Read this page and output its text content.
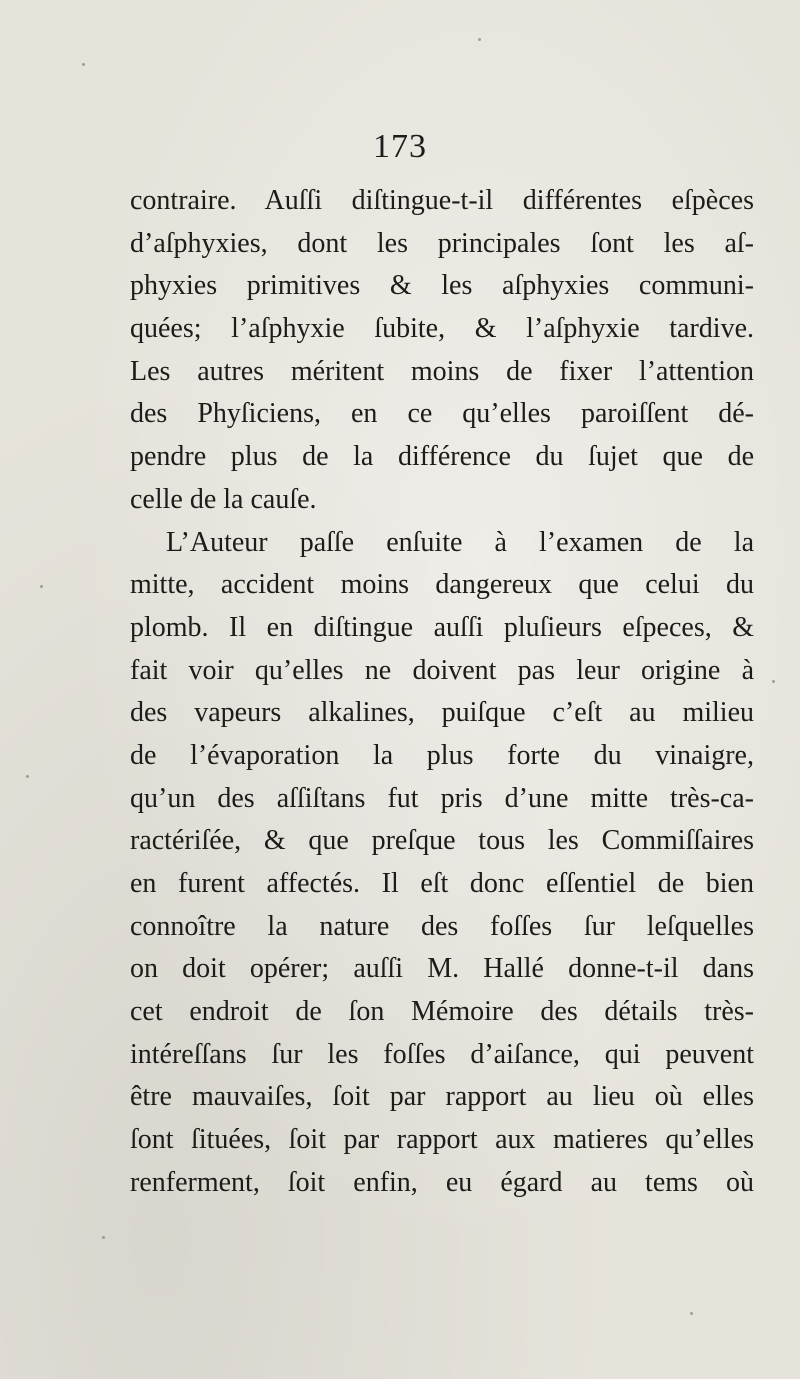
173
contraire. Auſſi diſtingue-t-il différentes eſpèces
d’aſphyxies, dont les principales ſont les aſ-
phyxies primitives & les aſphyxies communi-
quées; l’aſphyxie ſubite, & l’aſphyxie tardive.
Les autres méritent moins de fixer l’attention
des Phyſiciens, en ce qu’elles paroiſſent dé-
pendre plus de la différence du ſujet que de
celle de la cauſe.
L’Auteur paſſe enſuite à l’examen de la
mitte, accident moins dangereux que celui du
plomb. Il en diſtingue auſſi pluſieurs eſpeces, &
fait voir qu’elles ne doivent pas leur origine à
des vapeurs alkalines, puiſque c’eſt au milieu
de l’évaporation la plus forte du vinaigre,
qu’un des aſſiſtans fut pris d’une mitte très-ca-
ractériſée, & que preſque tous les Commiſſaires
en furent affectés. Il eſt donc eſſentiel de bien
connoître la nature des foſſes ſur leſquelles
on doit opérer; auſſi M. Hallé donne-t-il dans
cet endroit de ſon Mémoire des détails très-
intéreſſans ſur les foſſes d’aiſance, qui peuvent
être mauvaiſes, ſoit par rapport au lieu où elles
ſont ſituées, ſoit par rapport aux matieres qu’elles
renferment, ſoit enfin, eu égard au tems où
